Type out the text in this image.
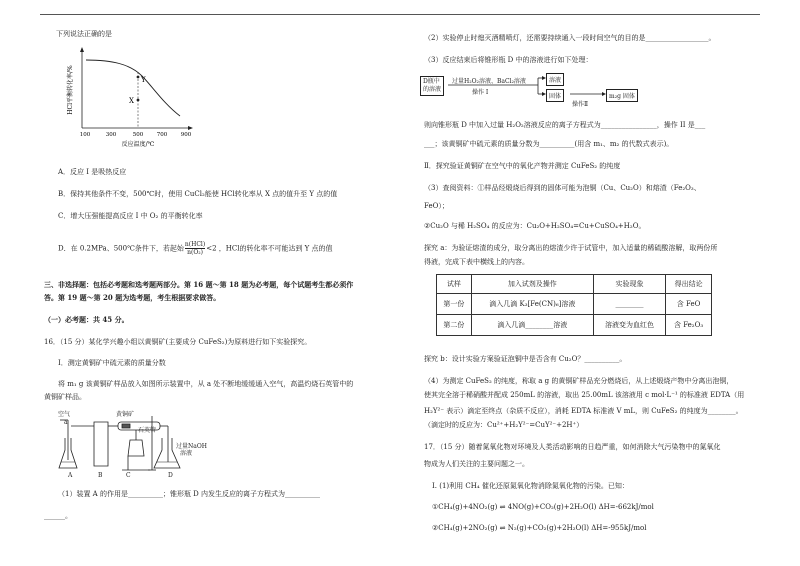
下列说法正确的是
Y
X
100	300	500 700 900
反应温度/℃
HCl平衡转化率/%
A．反应 I 是吸热反应
B．保持其他条件不变，500℃时，使用 CuCl₂能使 HCl转化率从 X 点的值升至 Y 点的值
C．增大压强能提高反应 I 中 O₂ 的平衡转化率
D．在 0.2MPa、500℃条件下，若起始 n(HCl)
n(O₂) <2 ，HCl的转化率不可能达到 Y 点的值
三、非选择题：包括必考题和选考题两部分。第 16 题～第 18 题为必考题，每个试题考生都必须作
答。第 19 题～第 20 题为选考题，考生根据要求做答。
（一）必考题：共 45 分。
16．（15 分）某化学兴趣小组以黄铜矿(主要成分 CuFeS₂)为原料进行如下实验探究。
Ⅰ．测定黄铜矿中硫元素的质量分数
将 m₁ g 该黄铜矿样品放入如图所示装置中，从 a 处不断地缓缓通入空气，高温灼烧石英管中的
黄铜矿样品。
空气
a
黄铜矿
石英管
过量NaOH
溶液
A	B	C	D
（1）装置 A 的作用是__________；锥形瓶 D 内发生反应的离子方程式为__________
______。
（2）实验停止时熄灭酒精喷灯，还需要持续通入一段时间空气的目的是__________________。
（3）反应结束后将锥形瓶 D 中的溶液进行如下处理：
D瓶中
的溶液
过量H₂O₂溶液、BaCl₂溶液
操作 I
溶液
固体
操作Ⅱ
m₂g 固体
则向锥形瓶 D 中加入过量 H₂O₂溶液反应的离子方程式为________________，操作 II 是___
___；该黄铜矿中硫元素的质量分数为__________(用含 m₁、m₂ 的代数式表示)。
Ⅱ．探究验证黄铜矿在空气中的氧化产物并测定 CuFeS₂ 的纯度
（3）查阅资料：①样品经煅烧后得到的固体可能为泡铜（Cu、Cu₂O）和熔渣（Fe₂O₃、
FeO）；
②Cu₂O 与稀 H₂SO₄ 的反应为：Cu₂O+H₂SO₄=Cu+CuSO₄+H₂O。
探究 a：为验证熔渣的成分，取分离出的熔渣少许于试管中，加入适量的稀硫酸溶解，取两份所
得液，完成下表中横线上的内容。
试样	加入试剂及操作	实验现象	得出结论
第一份	滴入几滴 K₃[Fe(CN)₆]溶液	________	含 FeO
第二份	滴入几滴________溶液	溶液变为血红色	含 Fe₂O₃
探究 b：设计实验方案验证泡铜中是否含有 Cu₂O？__________。
（4）为测定 CuFeS₂ 的纯度，称取 a g 的黄铜矿样品充分燃烧后，从上述煅烧产物中分离出泡铜，
使其完全溶于稀硝酸并配成 250mL 的溶液，取出 25.00mL 该溶液用 c mol·L⁻¹ 的标准液 EDTA（用
H₂Y²⁻ 表示）滴定至终点（杂质不反应），消耗 EDTA 标准液 V mL，则 CuFeS₂ 的纯度为________。
（滴定时的反应为：Cu²⁺+H₂Y²⁻=CuY²⁻+2H⁺）
17．（15 分）随着氮氧化物对环境及人类活动影响的日趋严重，如何消除大气污染物中的氮氧化
物成为人们关注的主要问题之一。
Ⅰ. (1)利用 CH₄ 催化还原氮氧化物消除氮氧化物的污染。已知：
①CH₄(g)+4NO₂(g) ⇌ 4NO(g)+CO₂(g)+2H₂O(l) ΔH=-662kJ/mol
②CH₄(g)+2NO₂(g) ⇌ N₂(g)+CO₂(g)+2H₂O(l) ΔH=-955kJ/mol
